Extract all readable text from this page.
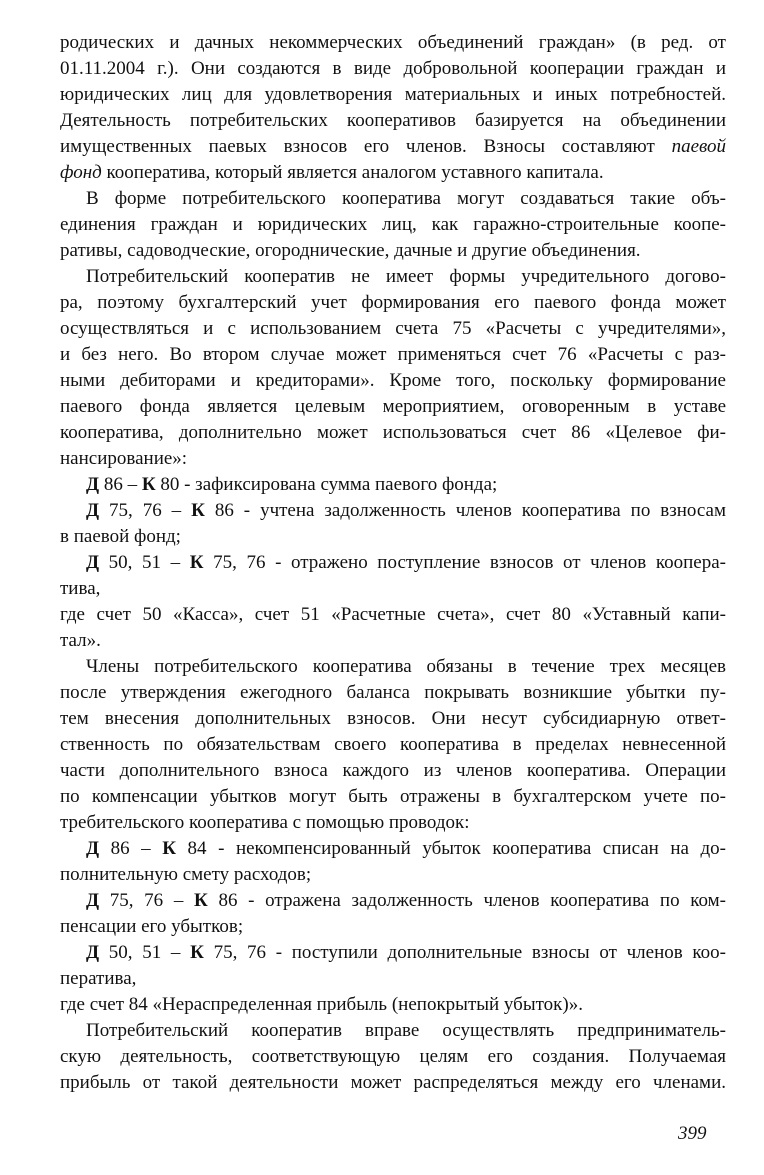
родических и дачных некоммерческих объединений граждан» (в ред. от
01.11.2004 г.). Они создаются в виде добровольной кооперации граждан и
юридических лиц для удовлетворения материальных и иных потребностей.
Деятельность потребительских кооперативов базируется на объединении
имущественных паевых взносов его членов. Взносы составляют паевой
фонд кооператива, который является аналогом уставного капитала.
В форме потребительского кооператива могут создаваться такие объ-
единения граждан и юридических лиц, как гаражно-строительные коопе-
ративы, садоводческие, огороднические, дачные и другие объединения.
Потребительский кооператив не имеет формы учредительного догово-
ра, поэтому бухгалтерский учет формирования его паевого фонда может
осуществляться и с использованием счета 75 «Расчеты с учредителями»,
и без него. Во втором случае может применяться счет 76 «Расчеты с раз-
ными дебиторами и кредиторами». Кроме того, поскольку формирование
паевого фонда является целевым мероприятием, оговоренным в уставе
кооператива, дополнительно может использоваться счет 86 «Целевое фи-
нансирование»:
Д 86 – К 80 - зафиксирована сумма паевого фонда;
Д 75, 76 – К 86 - учтена задолженность членов кооператива по взносам
в паевой фонд;
Д 50, 51 – К 75, 76 - отражено поступление взносов от членов коопера-
тива,
где счет 50 «Касса», счет 51 «Расчетные счета», счет 80 «Уставный капи-
тал».
Члены потребительского кооператива обязаны в течение трех месяцев
после утверждения ежегодного баланса покрывать возникшие убытки пу-
тем внесения дополнительных взносов. Они несут субсидиарную ответ-
ственность по обязательствам своего кооператива в пределах невнесенной
части дополнительного взноса каждого из членов кооператива. Операции
по компенсации убытков могут быть отражены в бухгалтерском учете по-
требительского кооператива с помощью проводок:
Д 86 – К 84 - некомпенсированный убыток кооператива списан на до-
полнительную смету расходов;
Д 75, 76 – К 86 - отражена задолженность членов кооператива по ком-
пенсации его убытков;
Д 50, 51 – К 75, 76 - поступили дополнительные взносы от членов коо-
ператива,
где счет 84 «Нераспределенная прибыль (непокрытый убыток)».
Потребительский кооператив вправе осуществлять предприниматель-
скую деятельность, соответствующую целям его создания. Получаемая
прибыль от такой деятельности может распределяться между его членами.
399
